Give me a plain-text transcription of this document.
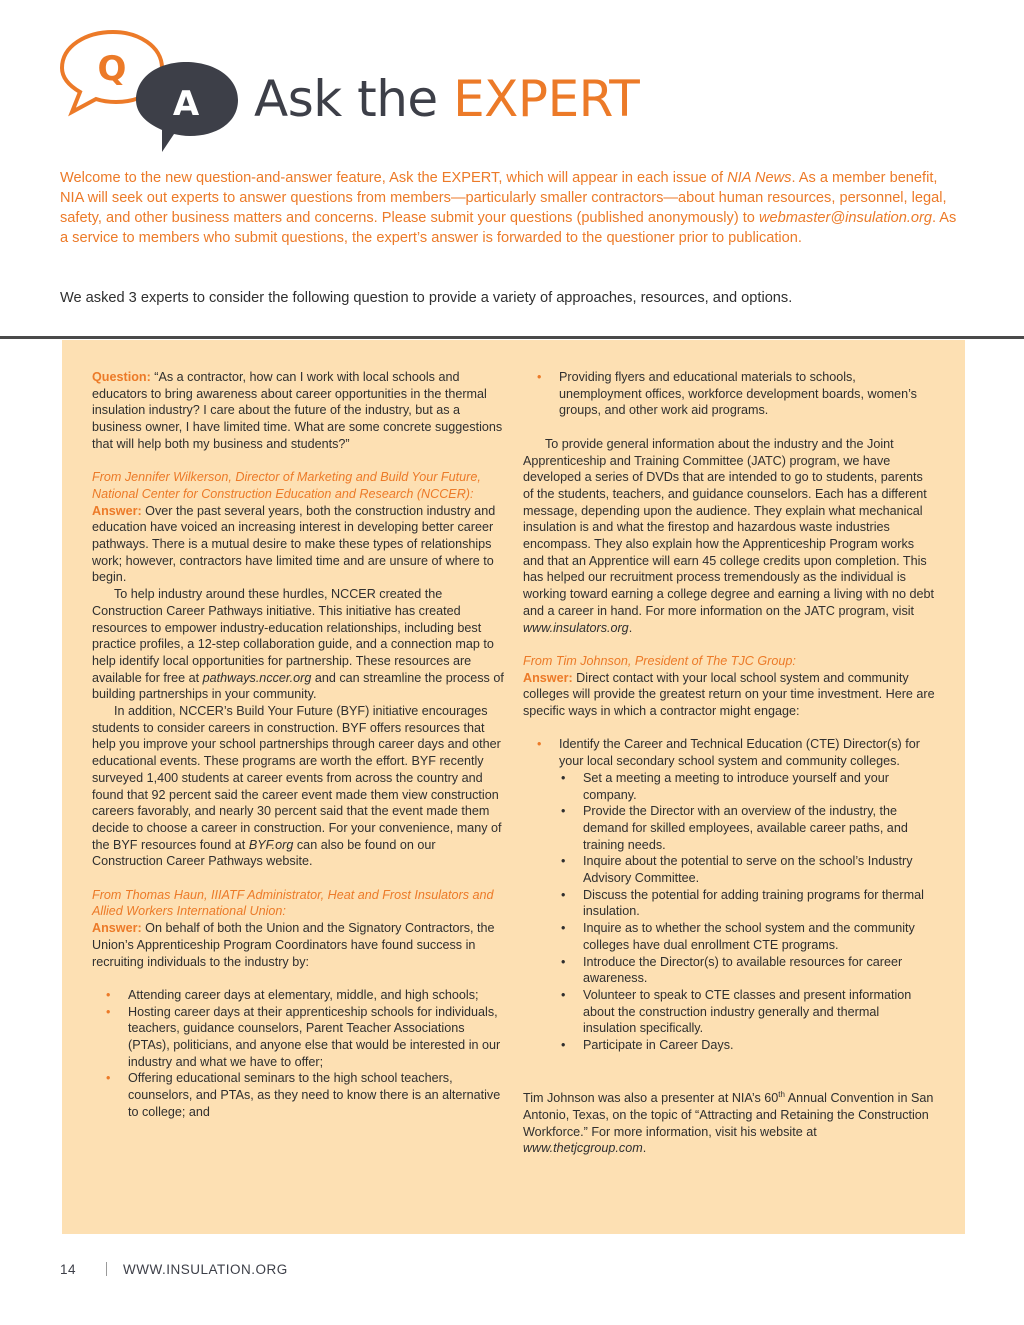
Q
A Ask the EXPERT
Welcome to the new question-and-answer feature, Ask the EXPERT, which will appear in each issue of NIA News. As a member benefit, NIA will seek out experts to answer questions from members—particularly smaller contractors—about human resources, personnel, legal, safety, and other business matters and concerns. Please submit your questions (published anonymously) to webmaster@insulation.org. As a service to members who submit questions, the expert’s answer is forwarded to the questioner prior to publication.
We asked 3 experts to consider the following question to provide a variety of approaches, resources, and options.

Question: “As a contractor, how can I work with local schools and educators to bring awareness about career opportunities in the thermal insulation industry? I care about the future of the industry, but as a business owner, I have limited time. What are some concrete suggestions that will help both my business and students?”

From Jennifer Wilkerson, Director of Marketing and Build Your Future, National Center for Construction Education and Research (NCCER):

Answer: Over the past several years, both the construction industry and education have voiced an increasing interest in developing better career pathways. There is a mutual desire to make these types of relationships work; however, contractors have limited time and are unsure of where to begin.

To help industry around these hurdles, NCCER created the Construction Career Pathways initiative. This initiative has created resources to empower industry-education relationships, including best practice profiles, a 12-step collaboration guide, and a connection map to help identify local opportunities for partnership. These resources are available for free at pathways.nccer.org and can streamline the process of building partnerships in your community.

In addition, NCCER’s Build Your Future (BYF) initiative encourages students to consider careers in construction. BYF offers resources that help you improve your school partnerships through career days and other educational events. These programs are worth the effort. BYF recently surveyed 1,400 students at career events from across the country and found that 92 percent said the career event made them view construction careers favorably, and nearly 30 percent said that the event made them decide to choose a career in construction. For your convenience, many of the BYF resources found at BYF.org can also be found on our Construction Career Pathways website.

From Thomas Haun, IIIATF Administrator, Heat and Frost Insulators and Allied Workers International Union:

Answer: On behalf of both the Union and the Signatory Contractors, the Union’s Apprenticeship Program Coordinators have found success in recruiting individuals to the industry by:

• Attending career days at elementary, middle, and high schools;
• Hosting career days at their apprenticeship schools for individuals, teachers, guidance counselors, Parent Teacher Associations (PTAs), politicians, and anyone else that would be interested in our industry and what we have to offer;
• Offering educational seminars to the high school teachers, counselors, and PTAs, as they need to know there is an alternative to college; and
• Providing flyers and educational materials to schools, unemployment offices, workforce development boards, women’s groups, and other work aid programs.

To provide general information about the industry and the Joint Apprenticeship and Training Committee (JATC) program, we have developed a series of DVDs that are intended to go to students, parents of the students, teachers, and guidance counselors. Each has a different message, depending upon the audience. They explain what mechanical insulation is and what the firestop and hazardous waste industries encompass. They also explain how the Apprenticeship Program works and that an Apprentice will earn 45 college credits upon completion. This has helped our recruitment process tremendously as the individual is working toward earning a college degree and earning a living with no debt and a career in hand. For more information on the JATC program, visit www.insulators.org.

From Tim Johnson, President of The TJC Group:

Answer: Direct contact with your local school system and community colleges will provide the greatest return on your time investment. Here are specific ways in which a contractor might engage:

• Identify the Career and Technical Education (CTE) Director(s) for your local secondary school system and community colleges.
• Set a meeting a meeting to introduce yourself and your company.
• Provide the Director with an overview of the industry, the demand for skilled employees, available career paths, and training needs.
• Inquire about the potential to serve on the school’s Industry Advisory Committee.
• Discuss the potential for adding training programs for thermal insulation.
• Inquire as to whether the school system and the community colleges have dual enrollment CTE programs.
• Introduce the Director(s) to available resources for career awareness.
• Volunteer to speak to CTE classes and present information about the construction industry generally and thermal insulation specifically.
• Participate in Career Days.

Tim Johnson was also a presenter at NIA’s 60th Annual Convention in San Antonio, Texas, on the topic of “Attracting and Retaining the Construction Workforce.” For more information, visit his website at www.thetjcgroup.com.

14	WWW.INSULATION.ORG
